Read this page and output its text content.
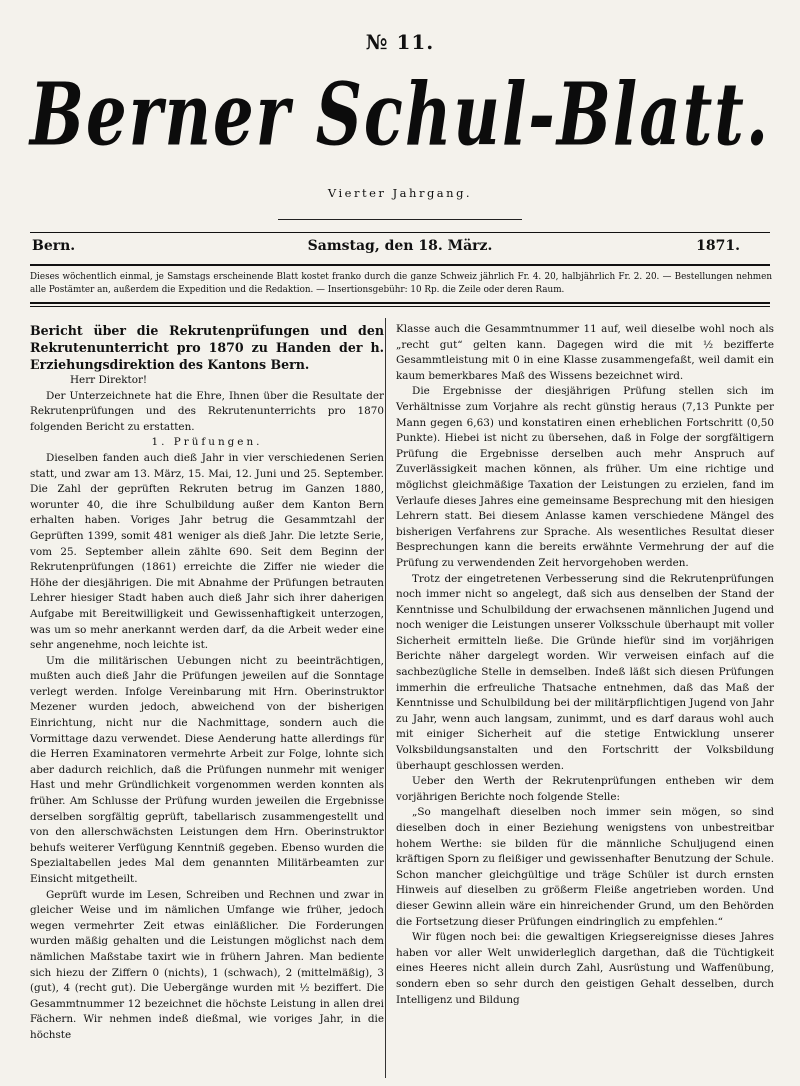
№ 11.
Berner Schul-Blatt.
Vierter Jahrgang.
Bern.	Samstag, den 18. März.	1871.
Dieses wöchentlich einmal, je Samstags erscheinende Blatt kostet franko durch die ganze Schweiz jährlich Fr. 4. 20, halbjährlich Fr. 2. 20. — Bestellungen nehmen alle Postämter an, außerdem die Expedition und die Redaktion. — Insertionsgebühr: 10 Rp. die Zeile oder deren Raum.

Bericht über die Rekrutenprüfungen und den Rekrutenunterricht pro 1870 zu Handen der h. Erziehungsdirektion des Kantons Bern.

Herr Direktor!

Der Unterzeichnete hat die Ehre, Ihnen über die Resultate der Rekrutenprüfungen und des Rekrutenunterrichts pro 1870 folgenden Bericht zu erstatten.

1. Prüfungen.

Dieselben fanden auch dieß Jahr in vier verschiedenen Serien statt, und zwar am 13. März, 15. Mai, 12. Juni und 25. September. Die Zahl der geprüften Rekruten betrug im Ganzen 1880, worunter 40, die ihre Schulbildung außer dem Kanton Bern erhalten haben. Voriges Jahr betrug die Gesammtzahl der Geprüften 1399, somit 481 weniger als dieß Jahr. Die letzte Serie, vom 25. September allein zählte 690. Seit dem Beginn der Rekrutenprüfungen (1861) erreichte die Ziffer nie wieder die Höhe der diesjährigen. Die mit Abnahme der Prüfungen betrauten Lehrer hiesiger Stadt haben auch dieß Jahr sich ihrer daherigen Aufgabe mit Bereitwilligkeit und Gewissenhaftigkeit unterzogen, was um so mehr anerkannt werden darf, da die Arbeit weder eine sehr angenehme, noch leichte ist.

Um die militärischen Uebungen nicht zu beeinträchtigen, mußten auch dieß Jahr die Prüfungen jeweilen auf die Sonntage verlegt werden. Infolge Vereinbarung mit Hrn. Oberinstruktor Mezener wurden jedoch, abweichend von der bisherigen Einrichtung, nicht nur die Nachmittage, sondern auch die Vormittage dazu verwendet. Diese Aenderung hatte allerdings für die Herren Examinatoren vermehrte Arbeit zur Folge, lohnte sich aber dadurch reichlich, daß die Prüfungen nunmehr mit weniger Hast und mehr Gründlichkeit vorgenommen werden konnten als früher. Am Schlusse der Prüfung wurden jeweilen die Ergebnisse derselben sorgfältig geprüft, tabellarisch zusammengestellt und von den allerschwächsten Leistungen dem Hrn. Oberinstruktor behufs weiterer Verfügung Kenntniß gegeben. Ebenso wurden die Spezialtabellen jedes Mal dem genannten Militärbeamten zur Einsicht mitgetheilt.

Geprüft wurde im Lesen, Schreiben und Rechnen und zwar in gleicher Weise und im nämlichen Umfange wie früher, jedoch wegen vermehrter Zeit etwas einläßlicher. Die Forderungen wurden mäßig gehalten und die Leistungen möglichst nach dem nämlichen Maßstabe taxirt wie in frühern Jahren. Man bediente sich hiezu der Ziffern 0 (nichts), 1 (schwach), 2 (mittelmäßig), 3 (gut), 4 (recht gut). Die Uebergänge wurden mit ½ beziffert. Die Gesammtnummer 12 bezeichnet die höchste Leistung in allen drei Fächern. Wir nehmen indeß dießmal, wie voriges Jahr, in die höchste

Klasse auch die Gesammtnummer 11 auf, weil dieselbe wohl noch als „recht gut“ gelten kann. Dagegen wird die mit ½ bezifferte Gesammtleistung mit 0 in eine Klasse zusammengefaßt, weil damit ein kaum bemerkbares Maß des Wissens bezeichnet wird.

Die Ergebnisse der diesjährigen Prüfung stellen sich im Verhältnisse zum Vorjahre als recht günstig heraus (7,13 Punkte per Mann gegen 6,63) und konstatiren einen erheblichen Fortschritt (0,50 Punkte). Hiebei ist nicht zu übersehen, daß in Folge der sorgfältigern Prüfung die Ergebnisse derselben auch mehr Anspruch auf Zuverlässigkeit machen können, als früher. Um eine richtige und möglichst gleichmäßige Taxation der Leistungen zu erzielen, fand im Verlaufe dieses Jahres eine gemeinsame Besprechung mit den hiesigen Lehrern statt. Bei diesem Anlasse kamen verschiedene Mängel des bisherigen Verfahrens zur Sprache. Als wesentliches Resultat dieser Besprechungen kann die bereits erwähnte Vermehrung der auf die Prüfung zu verwendenden Zeit hervorgehoben werden.

Trotz der eingetretenen Verbesserung sind die Rekrutenprüfungen noch immer nicht so angelegt, daß sich aus denselben der Stand der Kenntnisse und Schulbildung der erwachsenen männlichen Jugend und noch weniger die Leistungen unserer Volksschule überhaupt mit voller Sicherheit ermitteln ließe. Die Gründe hiefür sind im vorjährigen Berichte näher dargelegt worden. Wir verweisen einfach auf die sachbezügliche Stelle in demselben. Indeß läßt sich diesen Prüfungen immerhin die erfreuliche Thatsache entnehmen, daß das Maß der Kenntnisse und Schulbildung bei der militärpflichtigen Jugend von Jahr zu Jahr, wenn auch langsam, zunimmt, und es darf daraus wohl auch mit einiger Sicherheit auf die stetige Entwicklung unserer Volksbildungsanstalten und den Fortschritt der Volksbildung überhaupt geschlossen werden.

Ueber den Werth der Rekrutenprüfungen entheben wir dem vorjährigen Berichte noch folgende Stelle:

„So mangelhaft dieselben noch immer sein mögen, so sind dieselben doch in einer Beziehung wenigstens von unbestreitbar hohem Werthe: sie bilden für die männliche Schuljugend einen kräftigen Sporn zu fleißiger und gewissenhafter Benutzung der Schule. Schon mancher gleichgültige und träge Schüler ist durch ernsten Hinweis auf dieselben zu größerm Fleiße angetrieben worden. Und dieser Gewinn allein wäre ein hinreichender Grund, um den Behörden die Fortsetzung dieser Prüfungen eindringlich zu empfehlen.“

Wir fügen noch bei: die gewaltigen Kriegsereignisse dieses Jahres haben vor aller Welt unwiderleglich dargethan, daß die Tüchtigkeit eines Heeres nicht allein durch Zahl, Ausrüstung und Waffenübung, sondern eben so sehr durch den geistigen Gehalt desselben, durch Intelligenz und Bildung
